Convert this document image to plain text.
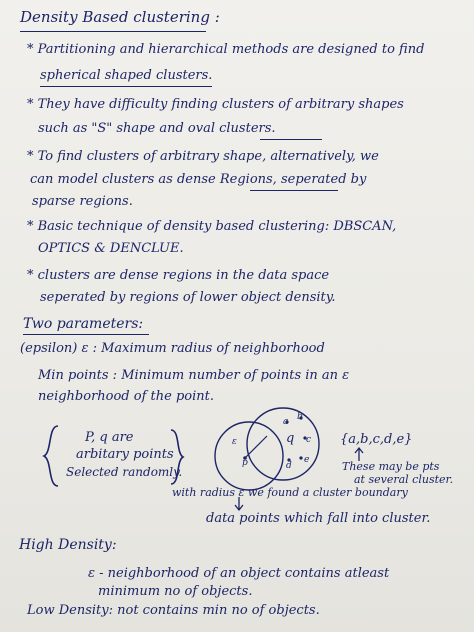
Density Based clustering :
* Partitioning and hierarchical methods are designed to find
spherical shaped clusters.
* They have difficulty finding clusters of arbitrary shapes
such as "S" shape and oval clusters.
* To find clusters of arbitrary shape, alternatively, we
can model clusters as dense Regions, seperated by
sparse regions.
* Basic technique of density based clustering: DBSCAN,
OPTICS & DENCLUE.
* clusters are dense regions in the data space
seperated by regions of lower object density.
Two parameters:
(epsilon) ε : Maximum radius of neighborhood
Min points : Minimum number of points in an ε
neighborhood of the point.
P, q are
arbitary points
Selected randomly.
p
a b
c
d
e
q
ε	{a,b,c,d,e}
These may be pts
at several cluster.
with radius ε we found a cluster boundary
data points which fall into cluster.
High Density:
ε - neighborhood of an object contains atleast
minimum no of objects.
Low Density: not contains min no of objects.
